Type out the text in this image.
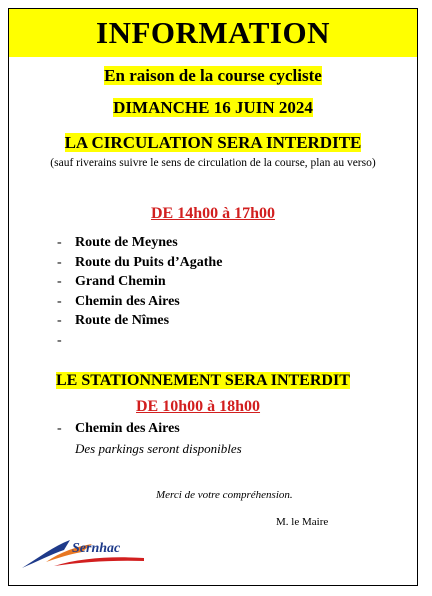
INFORMATION
En raison de la course cycliste
DIMANCHE 16 JUIN 2024
LA CIRCULATION SERA INTERDITE
(sauf riverains suivre le sens de circulation de la course, plan au verso)
DE 14h00 à 17h00
- Route de Meynes
- Route du Puits d’Agathe
- Grand Chemin
- Chemin des Aires
- Route de Nîmes
-
LE STATIONNEMENT SERA INTERDIT
DE 10h00 à 18h00
- Chemin des Aires
Des parkings seront disponibles
Merci de votre compréhension.
M. le Maire
Sernhac
